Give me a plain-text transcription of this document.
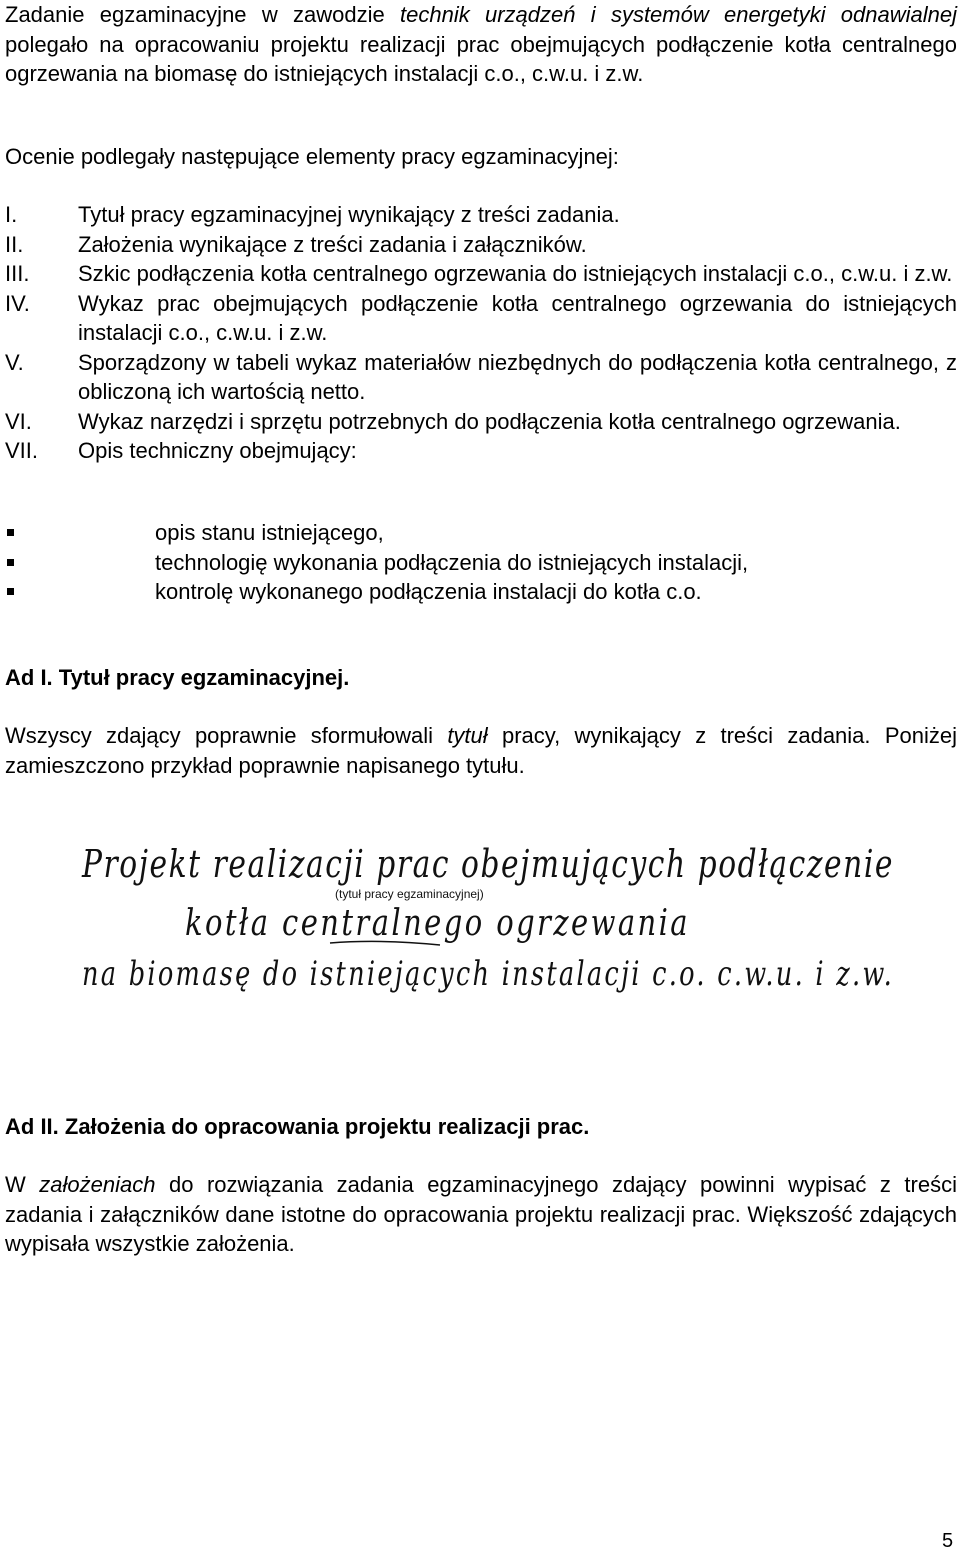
Zadanie egzaminacyjne w zawodzie technik urządzeń i systemów energetyki odnawialnej polegało na opracowaniu projektu realizacji prac obejmujących podłączenie kotła centralnego ogrzewania na biomasę do istniejących instalacji c.o., c.w.u. i z.w.

Ocenie podlegały następujące elementy pracy egzaminacyjnej:

I.	Tytuł pracy egzaminacyjnej wynikający z treści zadania.
II. Założenia wynikające z treści zadania i załączników.
III. Szkic podłączenia kotła centralnego ogrzewania do istniejących instalacji c.o., c.w.u. i z.w.
IV. Wykaz prac obejmujących podłączenie kotła centralnego ogrzewania do istniejących instalacji c.o., c.w.u. i z.w.
V. Sporządzony w tabeli wykaz materiałów niezbędnych do podłączenia kotła centralnego, z obliczoną ich wartością netto.
VI. Wykaz narzędzi i sprzętu potrzebnych do podłączenia kotła centralnego ogrzewania.
VII. Opis techniczny obejmujący:
opis stanu istniejącego,
technologię wykonania podłączenia do istniejących instalacji,
kontrolę wykonanego podłączenia instalacji do kotła c.o.

Ad I. Tytuł pracy egzaminacyjnej.

Wszyscy zdający poprawnie sformułowali tytuł pracy, wynikający z treści zadania. Poniżej zamieszczono przykład poprawnie napisanego tytułu.

Projekt realizacji prac obejmujących podłączenie
(tytuł pracy egzaminacyjnej)
kotła centralnego ogrzewania
na biomasę do istniejących instalacji c.o. c.w.u. i z.w.

Ad II. Założenia do opracowania projektu realizacji prac.

W założeniach do rozwiązania zadania egzaminacyjnego zdający powinni wypisać z treści zadania i załączników dane istotne do opracowania projektu realizacji prac. Większość zdających wypisała wszystkie założenia.

5
